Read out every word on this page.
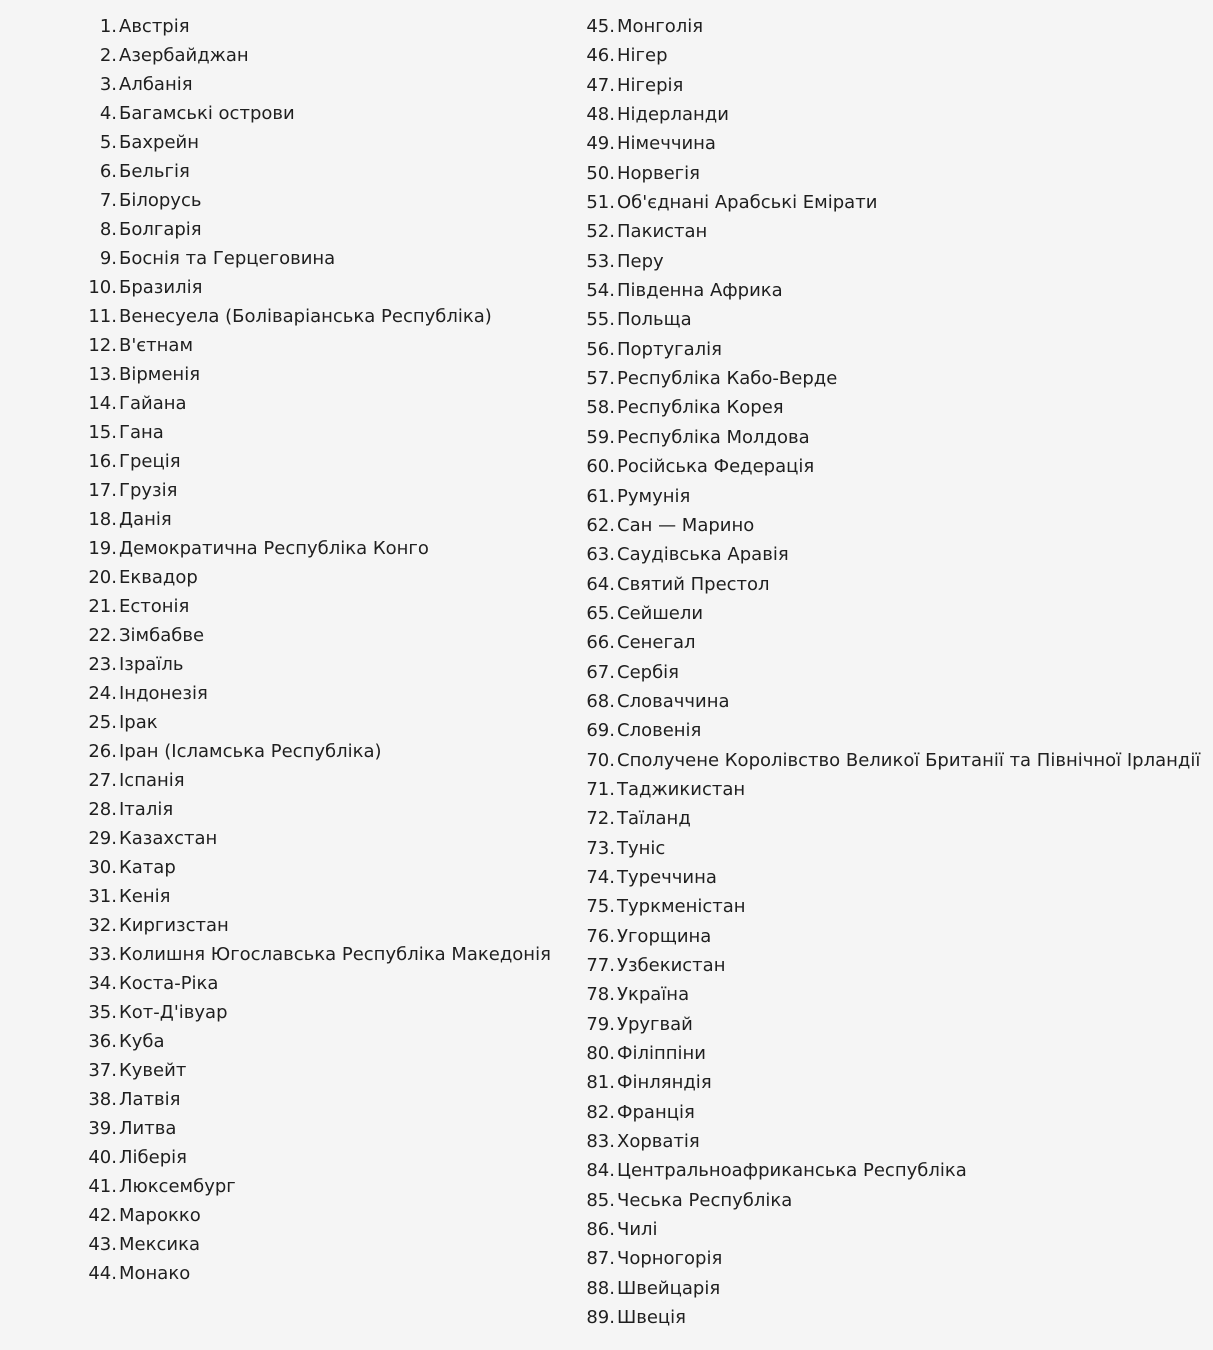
1. Австрія
2. Азербайджан
3. Албанія
4. Багамські острови
5. Бахрейн
6. Бельгія
7. Білорусь
8. Болгарія
9. Боснія та Герцеговина
10. Бразилія
11. Венесуела (Боліваріанська Республіка)
12. В'єтнам
13. Вірменія
14. Гайана
15. Гана
16. Греція
17. Грузія
18. Данія
19. Демократична Республіка Конго
20. Еквадор
21. Естонія
22. Зімбабве
23. Ізраїль
24. Індонезія
25. Ірак
26. Іран (Ісламська Республіка)
27. Іспанія
28. Італія
29. Казахстан
30. Катар
31. Кенія
32. Киргизстан
33. Колишня Югославська Республіка Македонія
34. Коста-Ріка
35. Кот-Д'івуар
36. Куба
37. Кувейт
38. Латвія
39. Литва
40. Ліберія
41. Люксембург
42. Марокко
43. Мексика
44. Монако
45. Монголія
46. Нігер
47. Нігерія
48. Нідерланди
49. Німеччина
50. Норвегія
51. Об'єднані Арабські Емірати
52. Пакистан
53. Перу
54. Південна Африка
55. Польща
56. Португалія
57. Республіка Кабо-Верде
58. Республіка Корея
59. Республіка Молдова
60. Російська Федерація
61. Румунія
62. Сан — Марино
63. Саудівська Аравія
64. Святий Престол
65. Сейшели
66. Сенегал
67. Сербія
68. Словаччина
69. Словенія
70. Сполучене Королівство Великої Британії та Північної Ірландії
71. Таджикистан
72. Таїланд
73. Туніс
74. Туреччина
75. Туркменістан
76. Угорщина
77. Узбекистан
78. Україна
79. Уругвай
80. Філіппіни
81. Фінляндія
82. Франція
83. Хорватія
84. Центральноафриканська Республіка
85. Чеська Республіка
86. Чилі
87. Чорногорія
88. Швейцарія
89. Швеція
